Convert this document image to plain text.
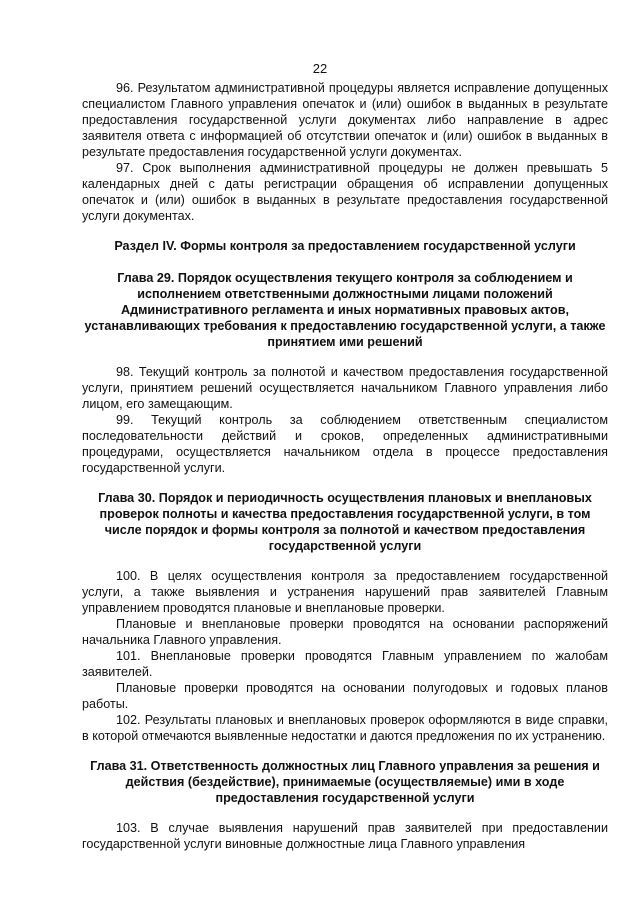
22

96. Результатом административной процедуры является исправление допущенных специалистом Главного управления опечаток и (или) ошибок в выданных в результате предоставления государственной услуги документах либо направление в адрес заявителя ответа с информацией об отсутствии опечаток и (или) ошибок в выданных в результате предоставления государственной услуги документах.

97. Срок выполнения административной процедуры не должен превышать 5 календарных дней с даты регистрации обращения об исправлении допущенных опечаток и (или) ошибок в выданных в результате предоставления государственной услуги документах.

Раздел IV. Формы контроля за предоставлением государственной услуги

Глава 29. Порядок осуществления текущего контроля за соблюдением и исполнением ответственными должностными лицами положений Административного регламента и иных нормативных правовых актов, устанавливающих требования к предоставлению государственной услуги, а также принятием ими решений

98. Текущий контроль за полнотой и качеством предоставления государственной услуги, принятием решений осуществляется начальником Главного управления либо лицом, его замещающим.

99. Текущий контроль за соблюдением ответственным специалистом последовательности действий и сроков, определенных административными процедурами, осуществляется начальником отдела в процессе предоставления государственной услуги.

Глава 30. Порядок и периодичность осуществления плановых и внеплановых проверок полноты и качества предоставления государственной услуги, в том числе порядок и формы контроля за полнотой и качеством предоставления государственной услуги

100. В целях осуществления контроля за предоставлением государственной услуги, а также выявления и устранения нарушений прав заявителей Главным управлением проводятся плановые и внеплановые проверки.

Плановые и внеплановые проверки проводятся на основании распоряжений начальника Главного управления.

101. Внеплановые проверки проводятся Главным управлением по жалобам заявителей.

Плановые проверки проводятся на основании полугодовых и годовых планов работы.

102. Результаты плановых и внеплановых проверок оформляются в виде справки, в которой отмечаются выявленные недостатки и даются предложения по их устранению.

Глава 31. Ответственность должностных лиц Главного управления за решения и действия (бездействие), принимаемые (осуществляемые) ими в ходе предоставления государственной услуги

103. В случае выявления нарушений прав заявителей при предоставлении государственной услуги виновные должностные лица Главного управления
